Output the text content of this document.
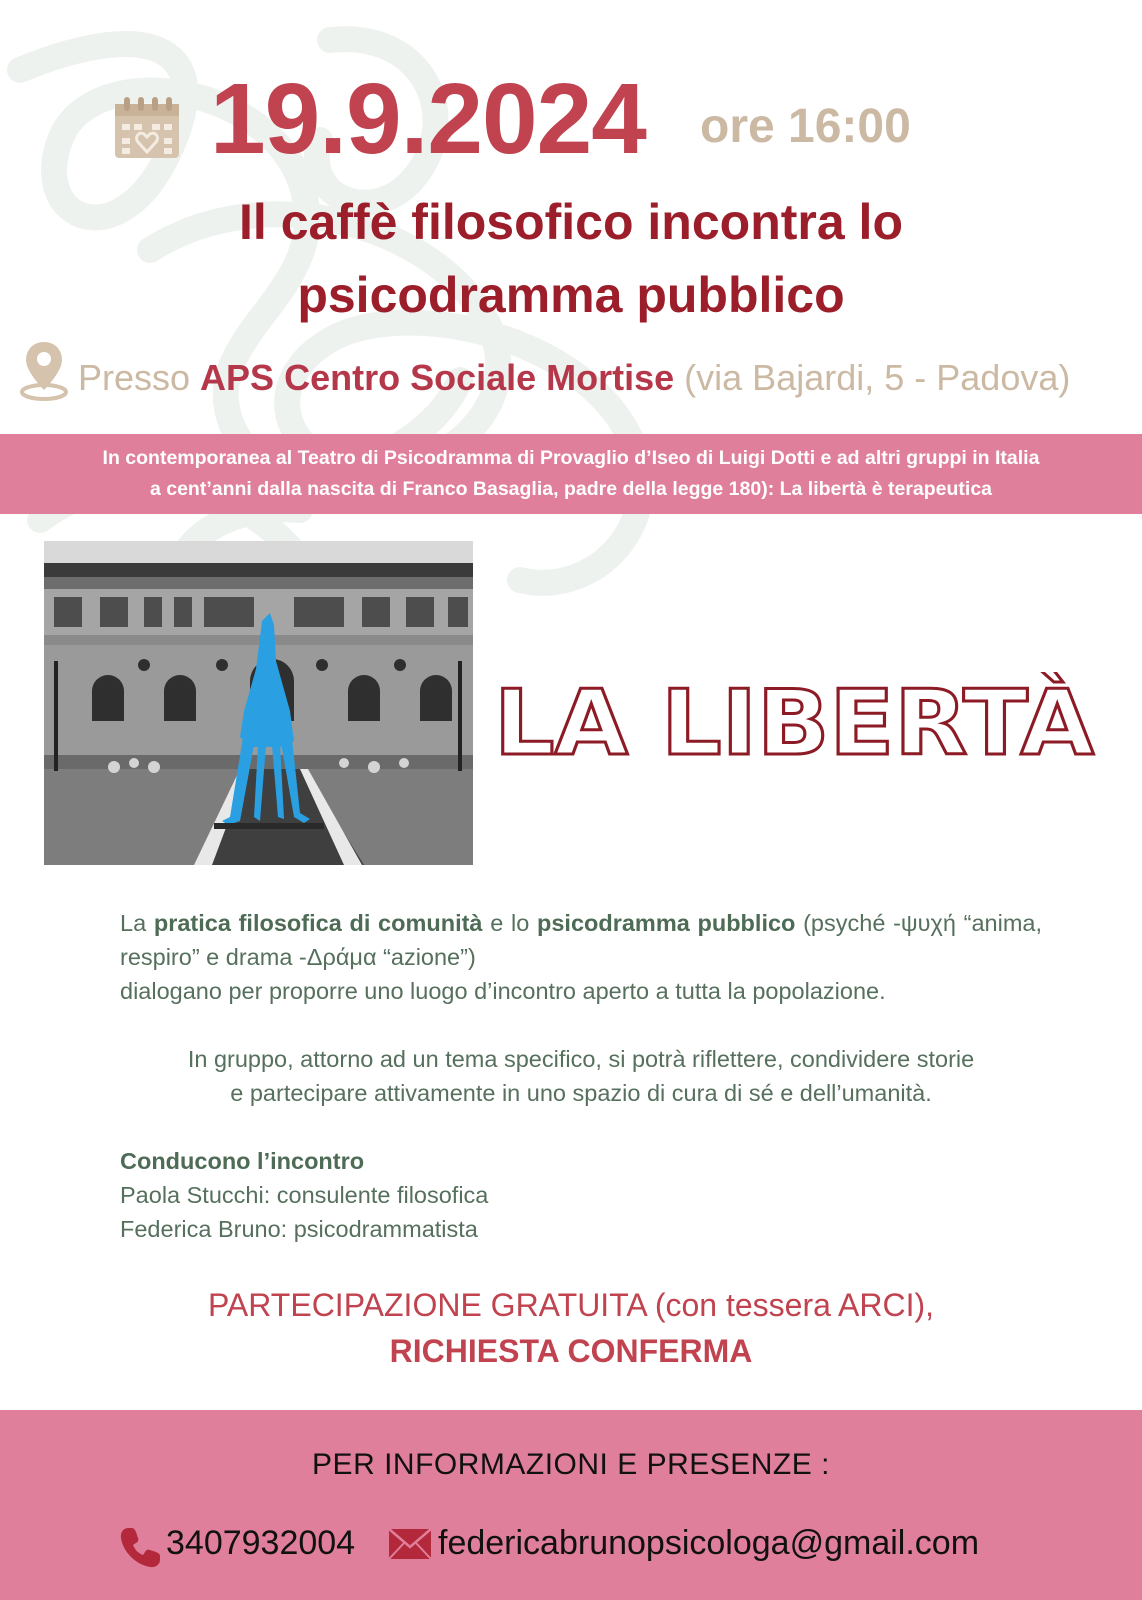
19.9.2024 ore 16:00
Il caffè filosofico incontra lo
psicodramma pubblico
Presso APS Centro Sociale Mortise (via Bajardi, 5 - Padova)
In contemporanea al Teatro di Psicodramma di Provaglio d’Iseo di Luigi Dotti e ad altri gruppi in Italia
a cent’anni dalla nascita di Franco Basaglia, padre della legge 180): La libertà è terapeutica
LA LIBERTÀ
La pratica filosofica di comunità e lo psicodramma pubblico (psyché -ψυχή “anima, respiro” e drama -Δράμα “azione”)
dialogano per proporre uno luogo d’incontro aperto a tutta la popolazione.
In gruppo, attorno ad un tema specifico, si potrà riflettere, condividere storie
e partecipare attivamente in uno spazio di cura di sé e dell’umanità.
Conducono l’incontro
Paola Stucchi: consulente filosofica
Federica Bruno: psicodrammatista
PARTECIPAZIONE GRATUITA (con tessera ARCI),
RICHIESTA CONFERMA
PER INFORMAZIONI E PRESENZE :
3407932004 federicabrunopsicologa@gmail.com
